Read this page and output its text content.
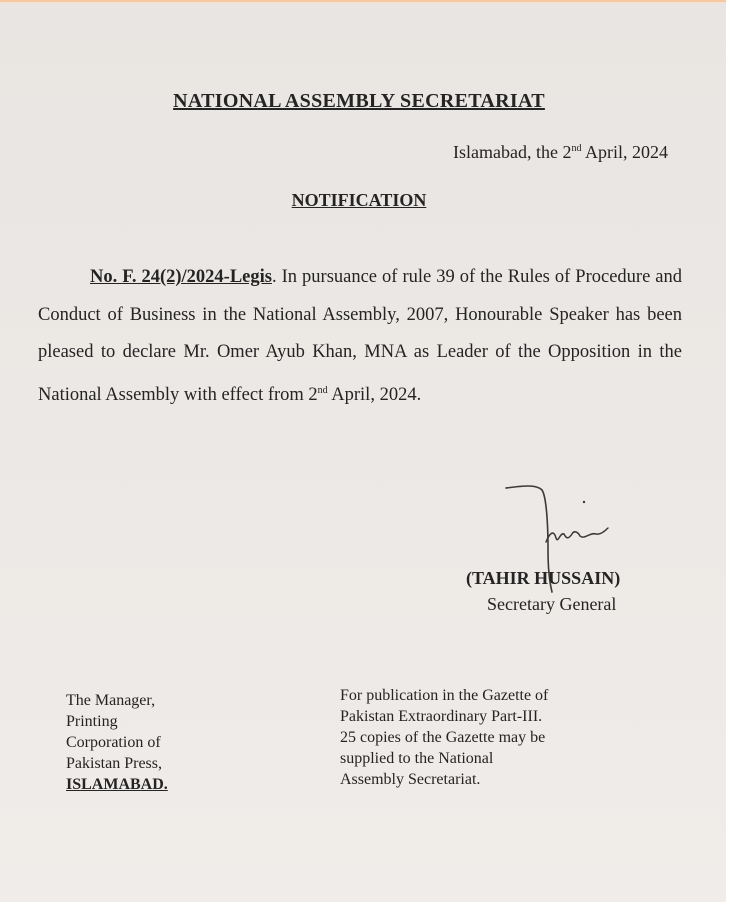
NATIONAL ASSEMBLY SECRETARIAT
Islamabad, the 2nd April, 2024
NOTIFICATION
No. F. 24(2)/2024-Legis. In pursuance of rule 39 of the Rules of Procedure and Conduct of Business in the National Assembly, 2007, Honourable Speaker has been pleased to declare Mr. Omer Ayub Khan, MNA as Leader of the Opposition in the National Assembly with effect from 2nd April, 2024.
(TAHIR HUSSAIN)
Secretary General
The Manager,
Printing
Corporation of
Pakistan Press,
ISLAMABAD.
For publication in the Gazette of
Pakistan Extraordinary Part-III.
25 copies of the Gazette may be
supplied to the National
Assembly Secretariat.
